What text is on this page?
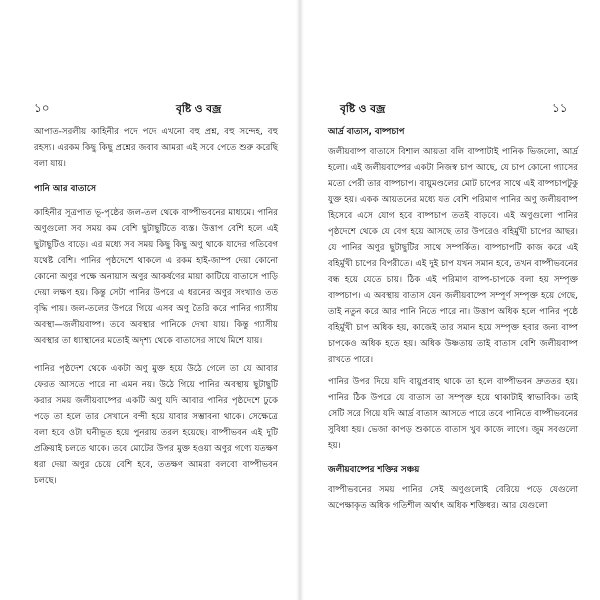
১০	বৃষ্টি ও বজ্র

আপাত-সরলীয় কাহিনীর পদে পদে এখনো বহু প্রশ্ন, বহু সন্দেহ, বহু রহস্য। এরকম কিছু কিছু প্রশ্নের জবাব আমরা এই সবে পেতে শুরু করেছি বলা যায়।

পানি আর বাতাসে

কাহিনীর সূত্রপাত ভূ-পৃষ্ঠের জল-তল থেকে বাষ্পীভবনের মাধ্যমে। পানির অণুগুলো সব সময় কম বেশি ছুটাছুটিতে ব্যস্ত। উত্তাপ বেশি হলে এই ছুটাছুটিও বাড়ে। এর মধ্যে সব সময় কিছু কিছু অণু থাকে যাদের গতিবেগ যথেষ্ট বেশি। পানির পৃষ্ঠদেশে থাকলে এ রকম হাই-জাম্প দেয়া কোনো কোনো অণুর পক্ষে অনায়াস অণুর আকর্ষণের মায়া কাটিয়ে বাতাসে পাড়ি দেয়া লক্ষণ হয়। কিন্তু সেটা পানির উপরে এ ধরনের অণুর সংখ্যাও তত বৃদ্ধি পায়। জল-তলের উপরে গিয়ে এসব অণু তৈরি করে পানির গ্যাসীয় অবস্থা—জলীয়বাষ্প। তবে অবস্থার পানিকে দেখা যায়। কিন্তু গ্যাসীয় অবস্থার তা ধ্যাস্থানের মতোই অদৃশ্য থেকে বাতাসের সাথে মিশে যায়।

পানির পৃষ্ঠদেশ থেকে একটা অণু মুক্ত হয়ে উঠে গেলে তা যে আবার ফেরত আসতে পারে না এমন নয়। উঠে গিয়ে পানির অবস্থায় ছুটাছুটি করার সময় জলীয়বাষ্পের একটি অণু যদি আবার পানির পৃষ্ঠদেশে ঢুকে পড়ে তা হলে তার সেখানে বন্দী হয়ে যাবার সম্ভাবনা থাকে। সেক্ষেত্রে বলা হবে ওটা ঘনীভূত হয়ে পুনরায় তরল হয়েছে। বাষ্পীভবন এই দুটি প্রক্রিয়াই চলতে থাকে। তবে মোটের উপর মুক্ত হওয়া অণুর গণ্যে যতক্ষণ ধরা দেয়া অণুর চেয়ে বেশি হবে, ততক্ষণ আমরা বলবো বাষ্পীভবন চলছে।

বৃষ্টি ও বজ্র	১১

আর্দ্র বাতাস, বাষ্পচাপ

জলীয়বাষ্প বাতাসে বিশাল আয়তা বলি বাষ্পাটাই পানিক ভিজলো, আর্দ্র হলো। এই জলীয়বাষ্পের একটা নিজস্ব চাপ আছে, যে চাপ কোনো গ্যাসের মতো পেরী তার বাষ্পচাপ। বায়ুমণ্ডলের মোট চাপের সাথে এই বাষ্পচাপটুকু যুক্ত হয়। একক আয়তনের মধ্যে যত বেশি পরিমাণ পানির অণু জলীয়বাষ্প হিসেবে এসে যোগ হবে বাষ্পচাপ ততই বাড়বে। এই অণুগুলো পানির পৃষ্ঠদেশে থেকে যে বেগ হয়ে আসছে তার উপরেও বহির্মুখী চাপের আছর। যে পানির অণুর ছুটাছুটির সাথে সম্পর্কিত। বাষ্পচাপটি কাজ করে এই বহির্মুখী চাপের বিপরীতে। এই দুই চাপ যখন সমান হবে, তখন বাষ্পীভবনের বন্ধ হয়ে যেতে চায়। ঠিক এই পরিমাণ বাষ্প-চাপকে বলা হয় সম্পৃক্ত বাষ্পচাপ। এ অবস্থায় বাতাস যেন জলীয়বাষ্পে সম্পূর্ণ সম্পৃক্ত হয়ে গেছে, তাই নতুন করে আর পানি নিতে পারে না। উত্তাপ অধিক হলে পানির পৃষ্ঠে বহির্মুখী চাপ অধিক হয়, কাজেই তার সমান হয়ে সম্পৃক্ত হবার জন্য বাষ্প চাপকেও অধিক হতে হয়। অধিক উষ্ণতায় তাই বাতাস বেশি জলীয়বাষ্প রাখতে পারে।

পানির উপর দিয়ে যদি বায়ুপ্রবাহ থাকে তা হলে বাষ্পীভবন দ্রুততর হয়। পানির ঠিক উপরে যে বাতাস তা সম্পৃক্ত হয়ে থাকাটাই স্বাভাবিক। তাই সেটি সরে গিয়ে যদি আর্দ্র বাতাস আসতে পারে তবে পানিতে বাষ্পীভবনের সুবিধা হয়। ভেজা কাপড় শুকাতে বাতাস খুব কাজে লাগে। জুম সবগুলো হয়।

জলীয়বাষ্পের শক্তির সঞ্চয়

বাষ্পীভবনের সময় পানির সেই অণুগুলোই বেরিয়ে পড়ে যেগুলো অপেক্ষাকৃত অধিক গতিশীল অর্থাৎ অধিক শক্তিধর। আর যেগুলো
